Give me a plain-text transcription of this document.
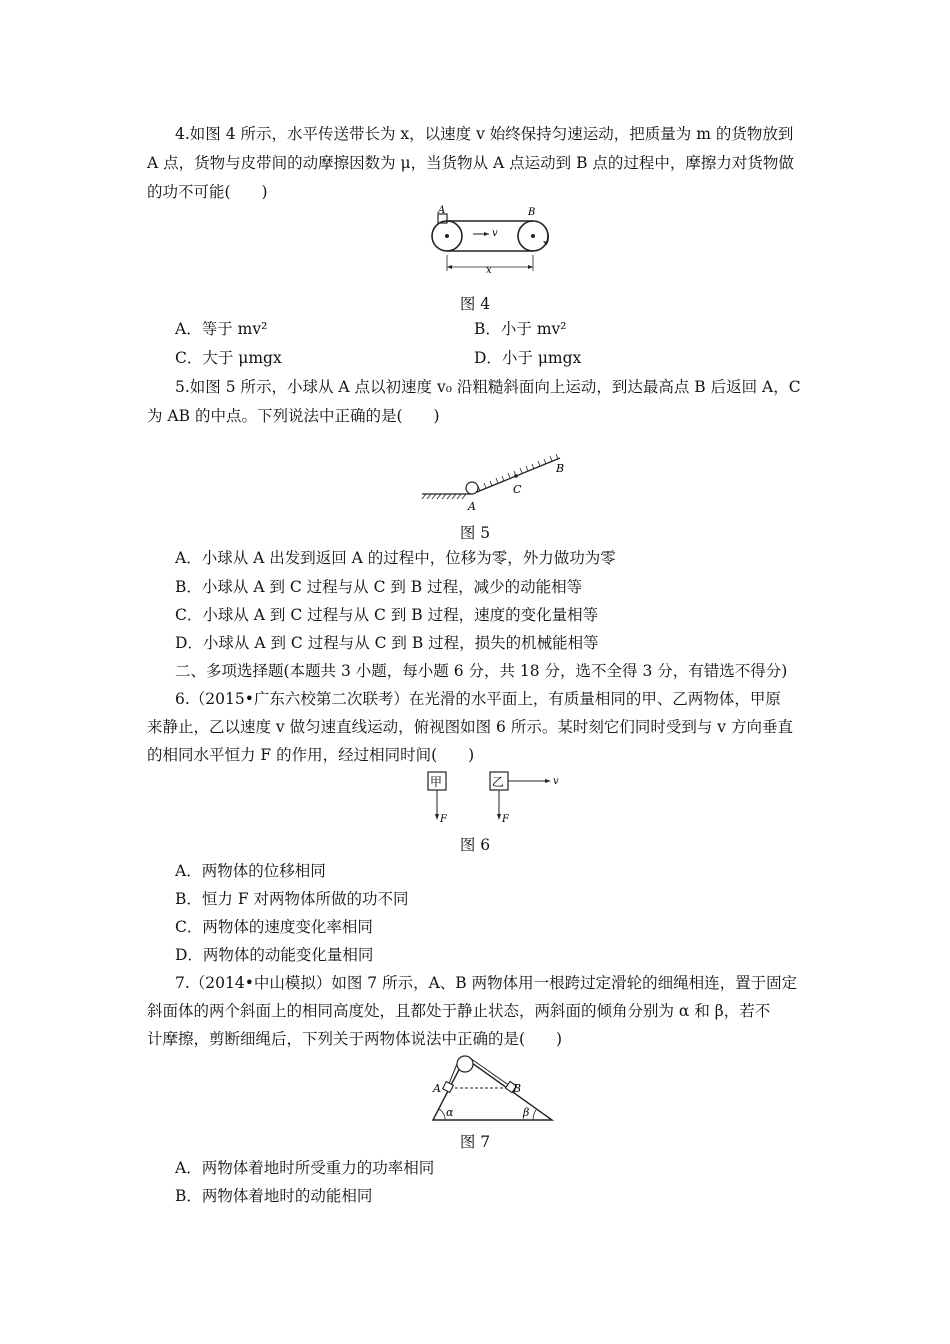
4.如图 4 所示，水平传送带长为 x，以速度 v 始终保持匀速运动，把质量为 m 的货物放到
A 点，货物与皮带间的动摩擦因数为 μ，当货物从 A 点运动到 B 点的过程中，摩擦力对货物做
的功不可能(　　)
A	B
v
x
图 4
A．等于 mv²	B．小于 mv²
C．大于 μmgx	D．小于 μmgx
5.如图 5 所示，小球从 A 点以初速度 v₀ 沿粗糙斜面向上运动，到达最高点 B 后返回 A，C
为 AB 的中点。下列说法中正确的是(　　)
A
C
B
图 5
A．小球从 A 出发到返回 A 的过程中，位移为零，外力做功为零
B．小球从 A 到 C 过程与从 C 到 B 过程，减少的动能相等
C．小球从 A 到 C 过程与从 C 到 B 过程，速度的变化量相等
D．小球从 A 到 C 过程与从 C 到 B 过程，损失的机械能相等
二、多项选择题(本题共 3 小题，每小题 6 分，共 18 分，选不全得 3 分，有错选不得分)
6.（2015•广东六校第二次联考）在光滑的水平面上，有质量相同的甲、乙两物体，甲原
来静止，乙以速度 v 做匀速直线运动，俯视图如图 6 所示。某时刻它们同时受到与 v 方向垂直
的相同水平恒力 F 的作用，经过相同时间(　　)
甲
F
乙	v
F
图 6
A．两物体的位移相同
B．恒力 F 对两物体所做的功不同
C．两物体的速度变化率相同
D．两物体的动能变化量相同
7.（2014•中山模拟）如图 7 所示，A、B 两物体用一根跨过定滑轮的细绳相连，置于固定
斜面体的两个斜面上的相同高度处，且都处于静止状态，两斜面的倾角分别为 α 和 β，若不
计摩擦，剪断细绳后，下列关于两物体说法中正确的是(　　)
A	B
α	β
图 7
A．两物体着地时所受重力的功率相同
B．两物体着地时的动能相同
